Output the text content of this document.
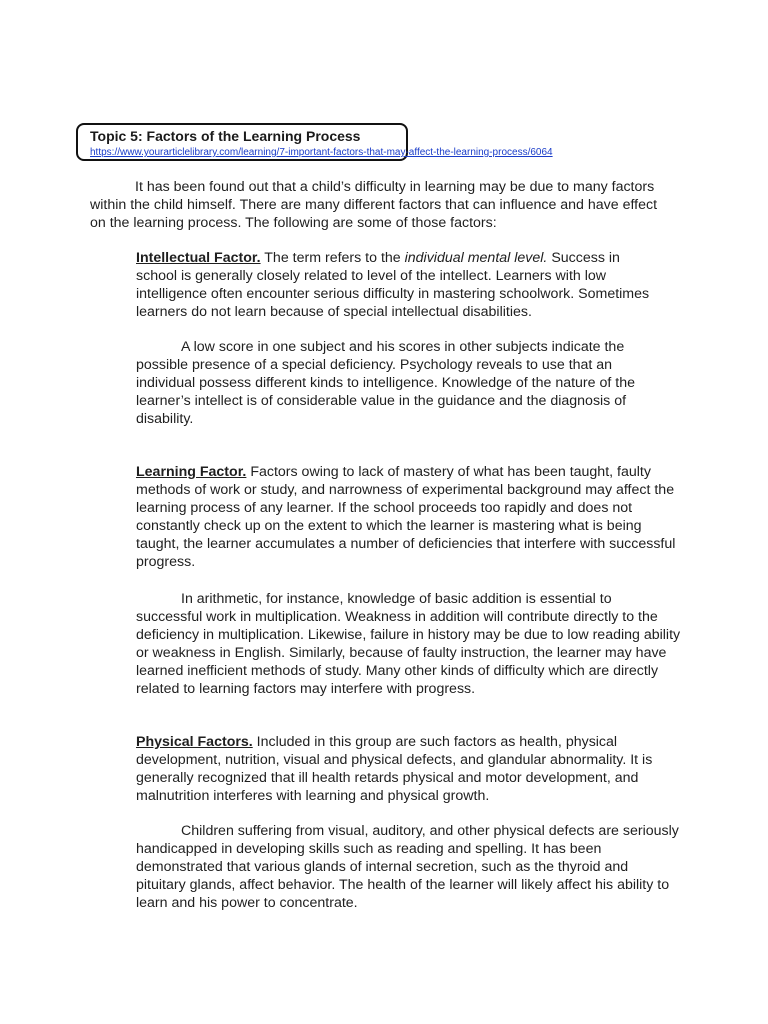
Topic 5: Factors of the Learning Process
https://www.yourarticlelibrary.com/learning/7-important-factors-that-may-affect-the-learning-process/6064

It has been found out that a child’s difficulty in learning may be due to many factors within the child himself. There are many different factors that can influence and have effect on the learning process. The following are some of those factors:

Intellectual Factor. The term refers to the individual mental level. Success in school is generally closely related to level of the intellect. Learners with low intelligence often encounter serious difficulty in mastering schoolwork. Sometimes learners do not learn because of special intellectual disabilities.

A low score in one subject and his scores in other subjects indicate the possible presence of a special deficiency. Psychology reveals to use that an individual possess different kinds to intelligence. Knowledge of the nature of the learner’s intellect is of considerable value in the guidance and the diagnosis of disability.

Learning Factor. Factors owing to lack of mastery of what has been taught, faulty methods of work or study, and narrowness of experimental background may affect the learning process of any learner. If the school proceeds too rapidly and does not constantly check up on the extent to which the learner is mastering what is being taught, the learner accumulates a number of deficiencies that interfere with successful progress.

In arithmetic, for instance, knowledge of basic addition is essential to successful work in multiplication. Weakness in addition will contribute directly to the deficiency in multiplication. Likewise, failure in history may be due to low reading ability or weakness in English. Similarly, because of faulty instruction, the learner may have learned inefficient methods of study. Many other kinds of difficulty which are directly related to learning factors may interfere with progress.

Physical Factors. Included in this group are such factors as health, physical development, nutrition, visual and physical defects, and glandular abnormality. It is generally recognized that ill health retards physical and motor development, and malnutrition interferes with learning and physical growth.

Children suffering from visual, auditory, and other physical defects are seriously handicapped in developing skills such as reading and spelling. It has been demonstrated that various glands of internal secretion, such as the thyroid and pituitary glands, affect behavior. The health of the learner will likely affect his ability to learn and his power to concentrate.
